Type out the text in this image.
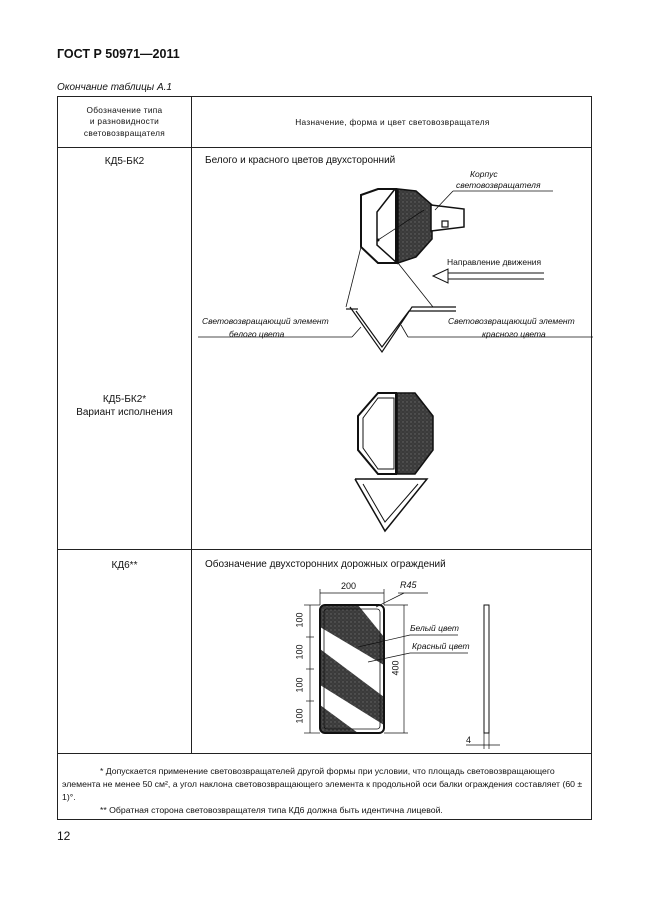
ГОСТ Р 50971—2011
Окончание таблицы А.1
Обозначение типа
и разновидности
световозвращателя
Назначение, форма и цвет световозвращателя
КД5-БК2	Белого и красного цветов двухсторонний
КД5-БК2*
Вариант исполнения
КД6**	Обозначение двухсторонних дорожных ограждений
Корпус
световозвращателя
Направление движения
Световозвращающий элемент
белого цвета
Световозвращающий элемент
красного цвета
200	R45
400
100
100
100
100
4
Белый цвет
Красный цвет

* Допускается применение световозвращателей другой формы при условии, что площадь световозвращающего элемента не менее 50 см², а угол наклона световозвращающего элемента к продольной оси балки ограждения составляет (60 ± 1)°.

** Обратная сторона световозвращателя типа КД6 должна быть идентична лицевой.

12
